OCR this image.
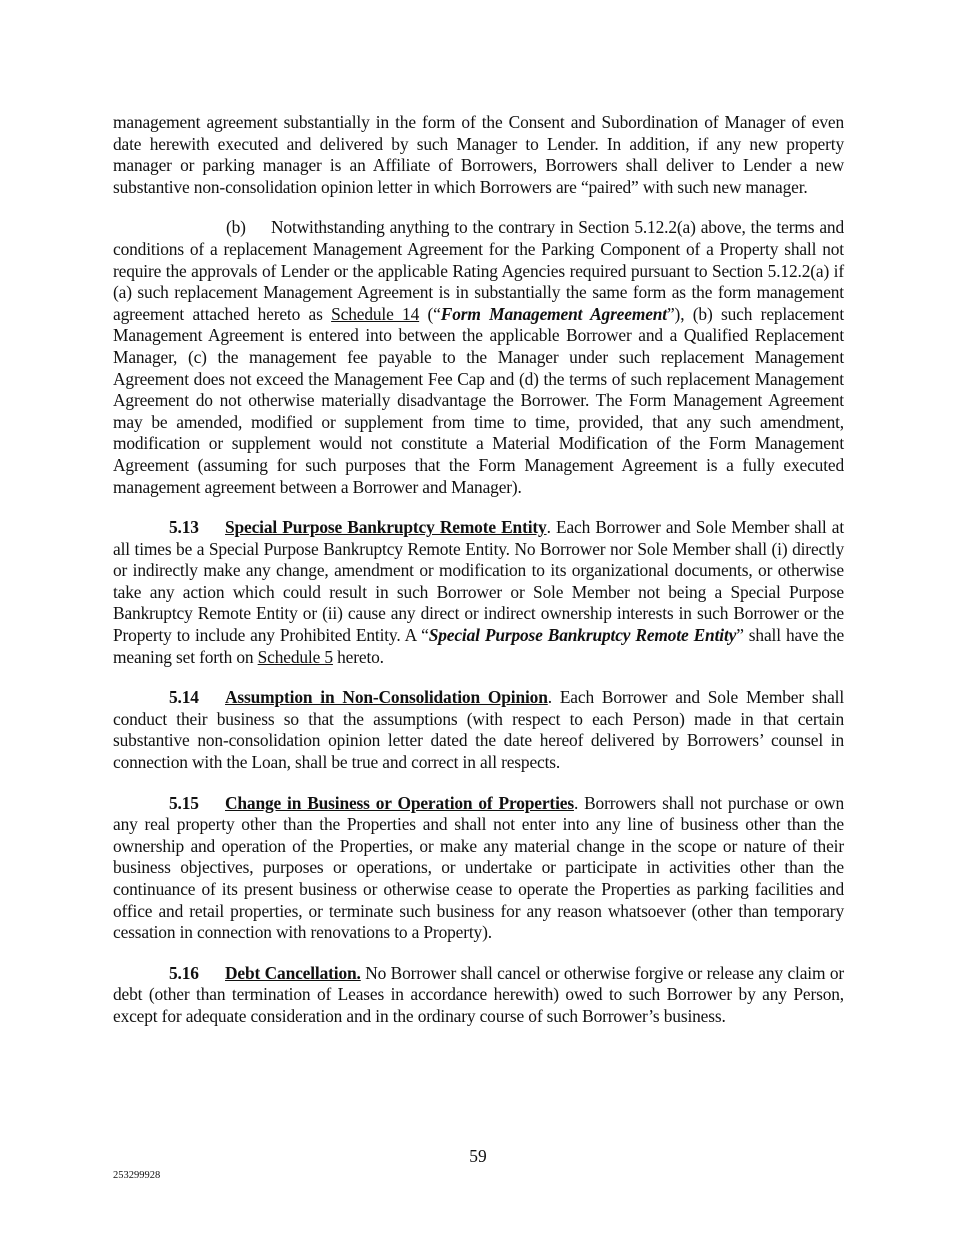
management agreement substantially in the form of the Consent and Subordination of Manager of even date herewith executed and delivered by such Manager to Lender. In addition, if any new property manager or parking manager is an Affiliate of Borrowers, Borrowers shall deliver to Lender a new substantive non-consolidation opinion letter in which Borrowers are “paired” with such new manager.

(b) Notwithstanding anything to the contrary in Section 5.12.2(a) above, the terms and conditions of a replacement Management Agreement for the Parking Component of a Property shall not require the approvals of Lender or the applicable Rating Agencies required pursuant to Section 5.12.2(a) if (a) such replacement Management Agreement is in substantially the same form as the form management agreement attached hereto as Schedule 14 (“Form Management Agreement”), (b) such replacement Management Agreement is entered into between the applicable Borrower and a Qualified Replacement Manager, (c) the management fee payable to the Manager under such replacement Management Agreement does not exceed the Management Fee Cap and (d) the terms of such replacement Management Agreement do not otherwise materially disadvantage the Borrower. The Form Management Agreement may be amended, modified or supplement from time to time, provided, that any such amendment, modification or supplement would not constitute a Material Modification of the Form Management Agreement (assuming for such purposes that the Form Management Agreement is a fully executed management agreement between a Borrower and Manager).

5.13 Special Purpose Bankruptcy Remote Entity. Each Borrower and Sole Member shall at all times be a Special Purpose Bankruptcy Remote Entity. No Borrower nor Sole Member shall (i) directly or indirectly make any change, amendment or modification to its organizational documents, or otherwise take any action which could result in such Borrower or Sole Member not being a Special Purpose Bankruptcy Remote Entity or (ii) cause any direct or indirect ownership interests in such Borrower or the Property to include any Prohibited Entity. A “Special Purpose Bankruptcy Remote Entity” shall have the meaning set forth on Schedule 5 hereto.

5.14 Assumption in Non-Consolidation Opinion. Each Borrower and Sole Member shall conduct their business so that the assumptions (with respect to each Person) made in that certain substantive non-consolidation opinion letter dated the date hereof delivered by Borrowers’ counsel in connection with the Loan, shall be true and correct in all respects.

5.15 Change in Business or Operation of Properties. Borrowers shall not purchase or own any real property other than the Properties and shall not enter into any line of business other than the ownership and operation of the Properties, or make any material change in the scope or nature of their business objectives, purposes or operations, or undertake or participate in activities other than the continuance of its present business or otherwise cease to operate the Properties as parking facilities and office and retail properties, or terminate such business for any reason whatsoever (other than temporary cessation in connection with renovations to a Property).

5.16 Debt Cancellation. No Borrower shall cancel or otherwise forgive or release any claim or debt (other than termination of Leases in accordance herewith) owed to such Borrower by any Person, except for adequate consideration and in the ordinary course of such Borrower’s business.

59
253299928
